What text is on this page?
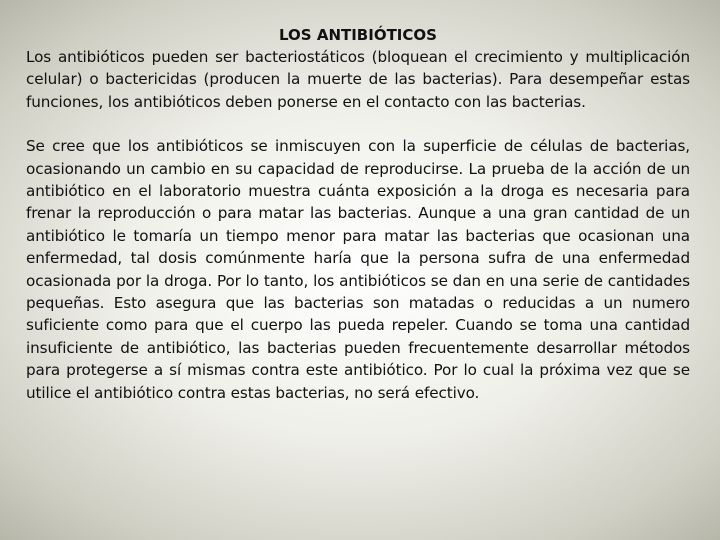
LOS ANTIBIÓTICOS

Los antibióticos pueden ser bacteriostáticos (bloquean el crecimiento y multiplicación celular) o bactericidas (producen la muerte de las bacterias). Para desempeñar estas funciones, los antibióticos deben ponerse en el contacto con las bacterias.

Se cree que los antibióticos se inmiscuyen con la superficie de células de bacterias, ocasionando un cambio en su capacidad de reproducirse. La prueba de la acción de un antibiótico en el laboratorio muestra cuánta exposición a la droga es necesaria para frenar la reproducción o para matar las bacterias. Aunque a una gran cantidad de un antibiótico le tomaría un tiempo menor para matar las bacterias que ocasionan una enfermedad, tal dosis comúnmente haría que la persona sufra de una enfermedad ocasionada por la droga. Por lo tanto, los antibióticos se dan en una serie de cantidades pequeñas. Esto asegura que las bacterias son matadas o reducidas a un numero suficiente como para que el cuerpo las pueda repeler. Cuando se toma una cantidad insuficiente de antibiótico, las bacterias pueden frecuentemente desarrollar métodos para protegerse a sí mismas contra este antibiótico. Por lo cual la próxima vez que se utilice el antibiótico contra estas bacterias, no será efectivo.
